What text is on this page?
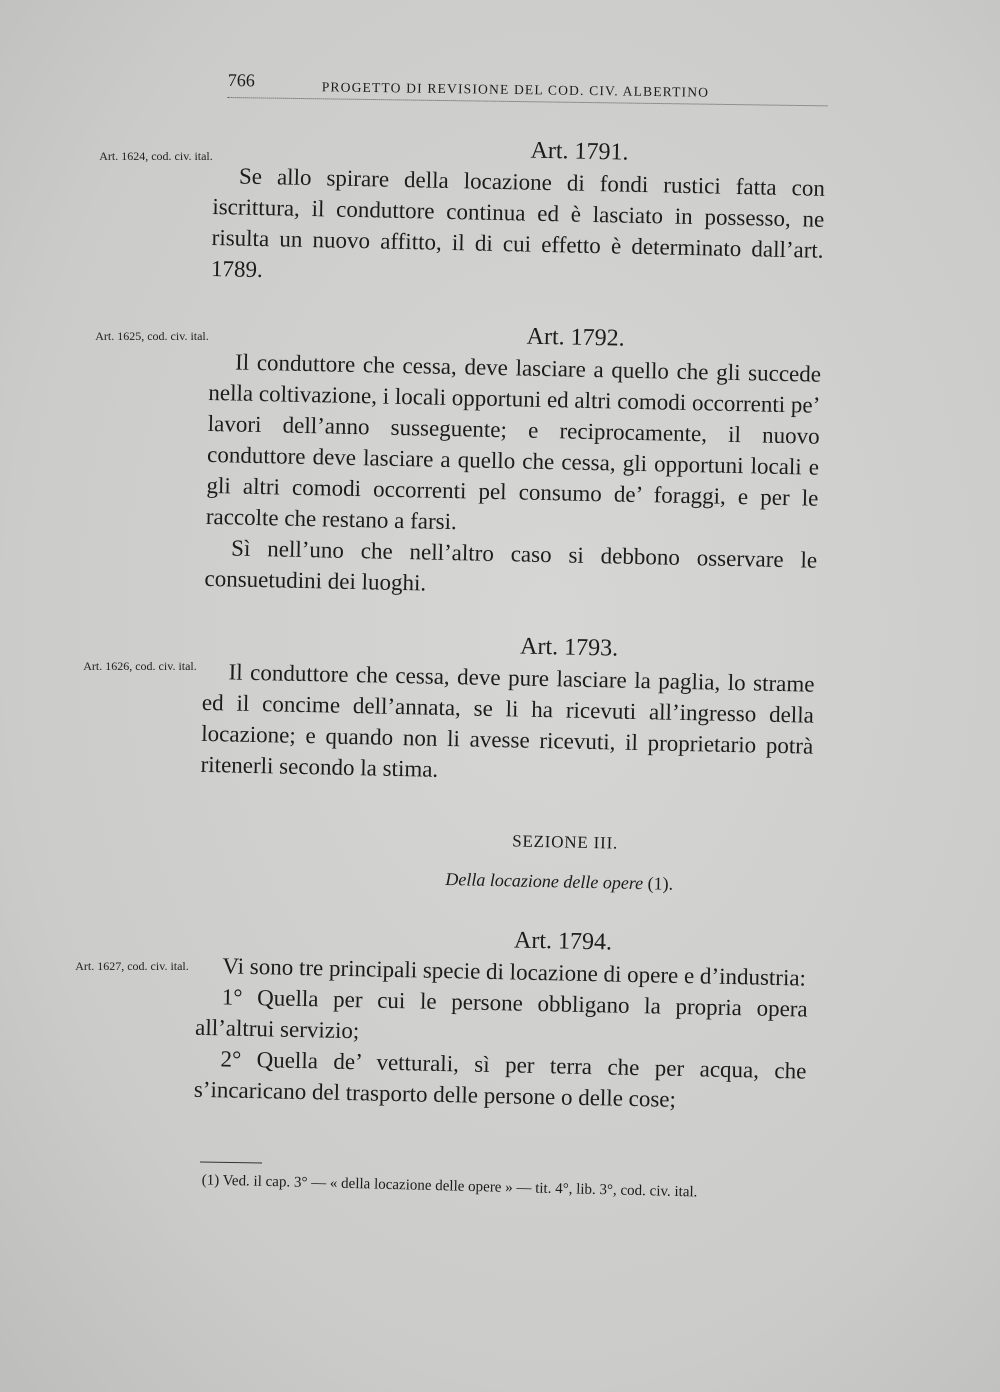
766	PROGETTO DI REVISIONE DEL COD. CIV. ALBERTINO
Art. 1624, cod. civ. ital.
Art. 1625, cod. civ. ital.
Art. 1626, cod. civ. ital.
Art. 1627, cod. civ. ital.

Art. 1791.

Se allo spirare della locazione di fondi rustici fatta con iscrittura, il conduttore continua ed è lasciato in possesso, ne risulta un nuovo affitto, il di cui effetto è determinato dall’art. 1789.

Art. 1792.

Il conduttore che cessa, deve lasciare a quello che gli succede nella coltivazione, i locali opportuni ed altri comodi occorrenti pe’ lavori dell’anno susseguente; e reciprocamente, il nuovo conduttore deve lasciare a quello che cessa, gli opportuni locali e gli altri comodi occorrenti pel consumo de’ foraggi, e per le raccolte che restano a farsi.

Sì nell’uno che nell’altro caso si debbono osservare le consuetudini dei luoghi.

Art. 1793.

Il conduttore che cessa, deve pure lasciare la paglia, lo strame ed il concime dell’annata, se li ha ricevuti all’ingresso della locazione; e quando non li avesse ricevuti, il proprietario potrà ritenerli secondo la stima.

SEZIONE III.

Della locazione delle opere (1).

Art. 1794.

Vi sono tre principali specie di locazione di opere e d’industria:

1° Quella per cui le persone obbligano la propria opera all’altrui servizio;

2° Quella de’ vetturali, sì per terra che per acqua, che s’incaricano del trasporto delle persone o delle cose;

(1) Ved. il cap. 3° — « della locazione delle opere » — tit. 4°, lib. 3°, cod. civ. ital.
